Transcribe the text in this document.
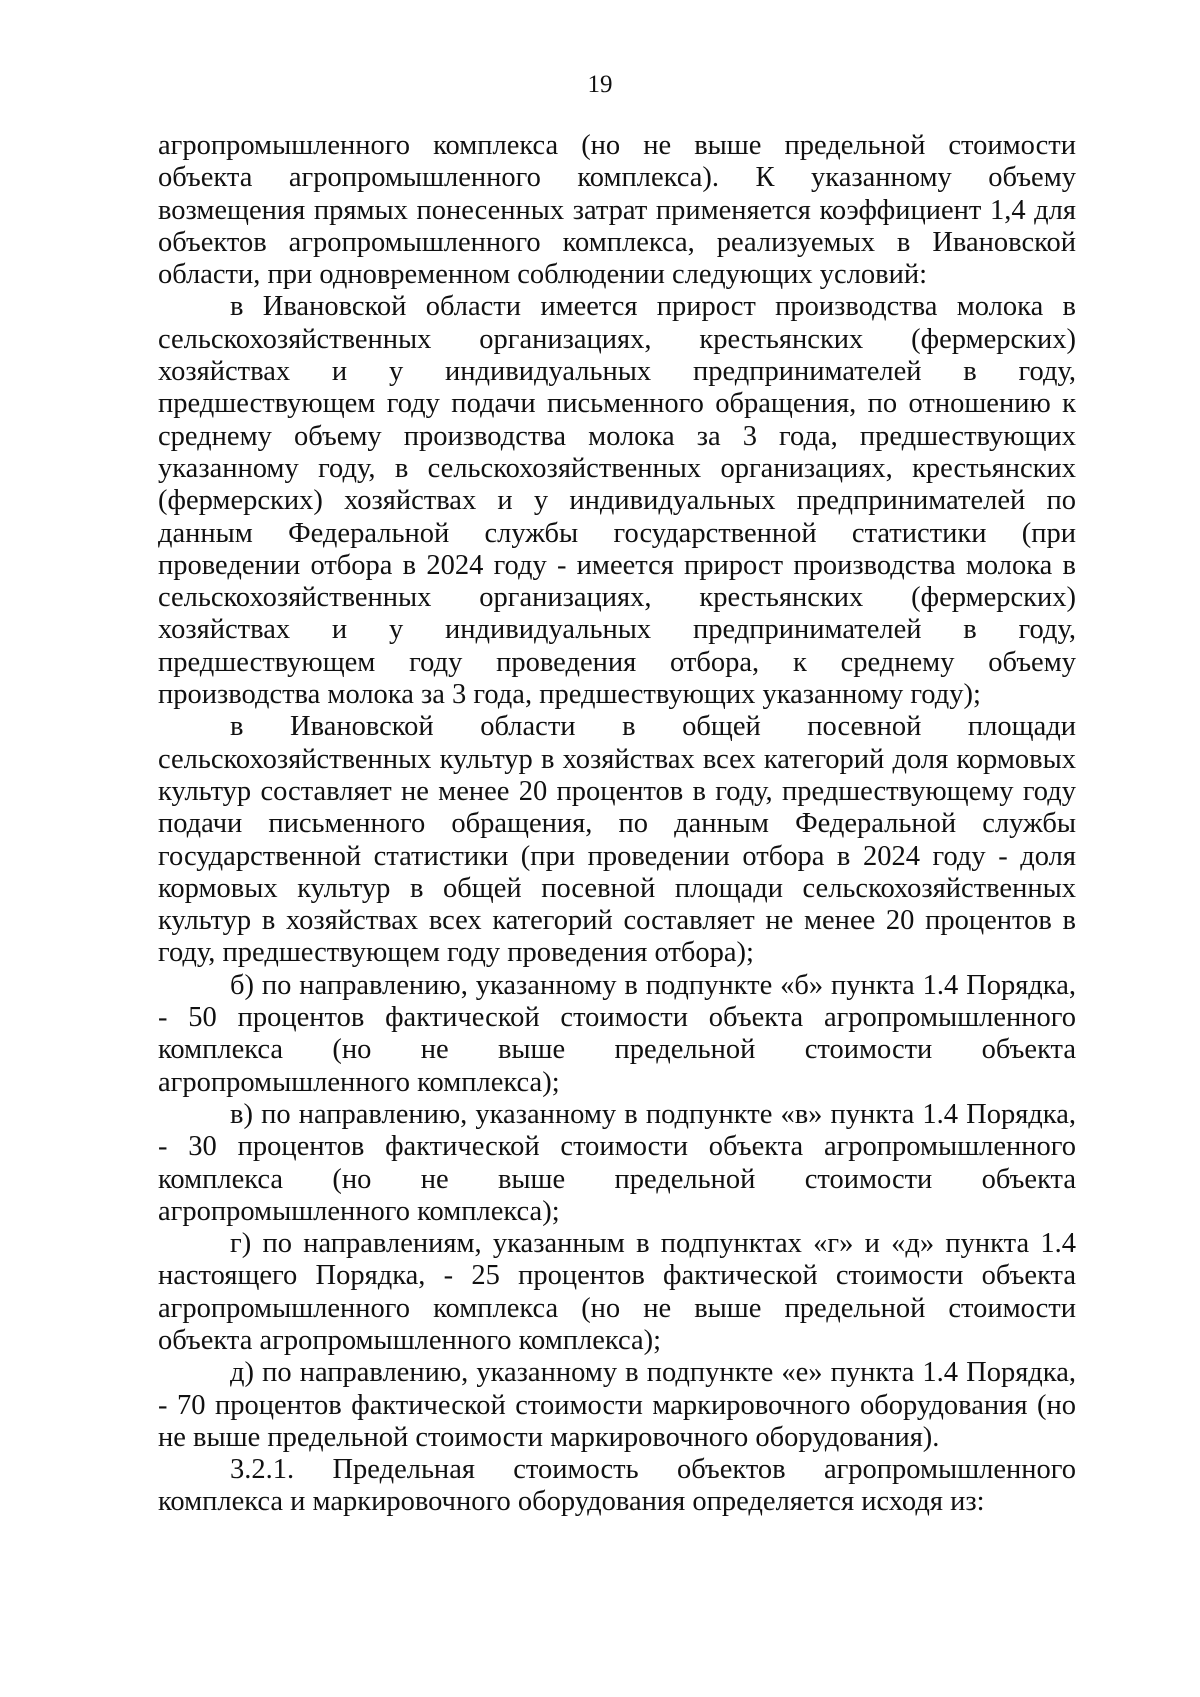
19

агропромышленного комплекса (но не выше предельной стоимости объекта агропромышленного комплекса). К указанному объему возмещения прямых понесенных затрат применяется коэффициент 1,4 для объектов агропромышленного комплекса, реализуемых в Ивановской области, при одновременном соблюдении следующих условий:

в Ивановской области имеется прирост производства молока в сельскохозяйственных организациях, крестьянских (фермерских) хозяйствах и у индивидуальных предпринимателей в году, предшествующем году подачи письменного обращения, по отношению к среднему объему производства молока за 3 года, предшествующих указанному году, в сельскохозяйственных организациях, крестьянских (фермерских) хозяйствах и у индивидуальных предпринимателей по данным Федеральной службы государственной статистики (при проведении отбора в 2024 году - имеется прирост производства молока в сельскохозяйственных организациях, крестьянских (фермерских) хозяйствах и у индивидуальных предпринимателей в году, предшествующем году проведения отбора, к среднему объему производства молока за 3 года, предшествующих указанному году);

в Ивановской области в общей посевной площади сельскохозяйственных культур в хозяйствах всех категорий доля кормовых культур составляет не менее 20 процентов в году, предшествующему году подачи письменного обращения, по данным Федеральной службы государственной статистики (при проведении отбора в 2024 году - доля кормовых культур в общей посевной площади сельскохозяйственных культур в хозяйствах всех категорий составляет не менее 20 процентов в году, предшествующем году проведения отбора);

б) по направлению, указанному в подпункте «б» пункта 1.4 Порядка, - 50 процентов фактической стоимости объекта агропромышленного комплекса (но не выше предельной стоимости объекта агропромышленного комплекса);

в) по направлению, указанному в подпункте «в» пункта 1.4 Порядка, - 30 процентов фактической стоимости объекта агропромышленного комплекса (но не выше предельной стоимости объекта агропромышленного комплекса);

г) по направлениям, указанным в подпунктах «г» и «д» пункта 1.4 настоящего Порядка, - 25 процентов фактической стоимости объекта агропромышленного комплекса (но не выше предельной стоимости объекта агропромышленного комплекса);

д) по направлению, указанному в подпункте «е» пункта 1.4 Порядка, - 70 процентов фактической стоимости маркировочного оборудования (но не выше предельной стоимости маркировочного оборудования).

3.2.1. Предельная стоимость объектов агропромышленного комплекса и маркировочного оборудования определяется исходя из:
